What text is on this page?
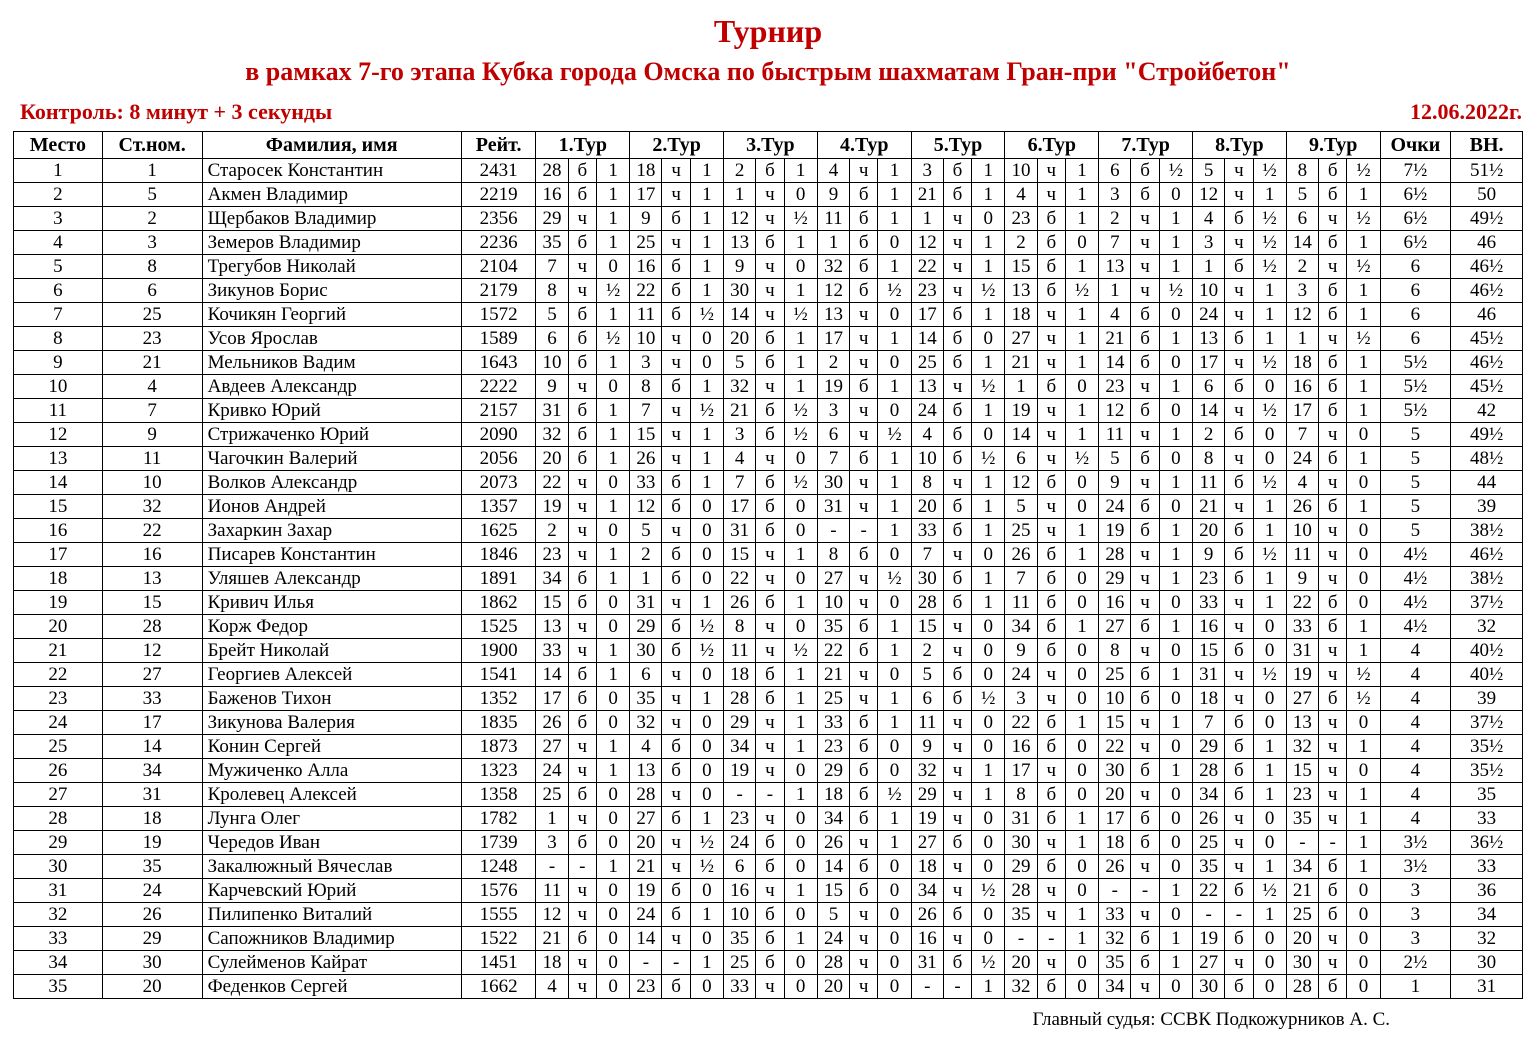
Турнир
в рамках 7-го этапа Кубка города Омска по быстрым шахматам Гран-при "Стройбетон"
Контроль: 8 минут + 3 секунды	12.06.2022г.
Место	Ст.ном.	Фамилия, имя	Рейт.	1.Тур			2.Тур			3.Тур			4.Тур			5.Тур			6.Тур			7.Тур			8.Тур			9.Тур			Очки	ВН.
1	1	Старосек Константин	2431	28	б	1	18	ч	1	2	б	1	4	ч	1	3	б	1	10	ч	1	6	б	½	5	ч	½	8	б	½	7½	51½
2	5	Акмен Владимир	2219	16	б	1	17	ч	1	1	ч	0	9	б	1	21	б	1	4	ч	1	3	б	0	12	ч	1	5	б	1	6½	50
3	2	Щербаков Владимир	2356	29	ч	1	9	б	1	12	ч	½	11	б	1	1	ч	0	23	б	1	2	ч	1	4	б	½	6	ч	½	6½	49½
4	3	Земеров Владимир	2236	35	б	1	25	ч	1	13	б	1	1	б	0	12	ч	1	2	б	0	7	ч	1	3	ч	½	14	б	1	6½	46
5	8	Трегубов Николай	2104	7	ч	0	16	б	1	9	ч	0	32	б	1	22	ч	1	15	б	1	13	ч	1	1	б	½	2	ч	½	6	46½
6	6	Зикунов Борис	2179	8	ч	½	22	б	1	30	ч	1	12	б	½	23	ч	½	13	б	½	1	ч	½	10	ч	1	3	б	1	6	46½
7	25	Кочикян Георгий	1572	5	б	1	11	б	½	14	ч	½	13	ч	0	17	б	1	18	ч	1	4	б	0	24	ч	1	12	б	1	6	46
8	23	Усов Ярослав	1589	6	б	½	10	ч	0	20	б	1	17	ч	1	14	б	0	27	ч	1	21	б	1	13	б	1	1	ч	½	6	45½
9	21	Мельников Вадим	1643	10	б	1	3	ч	0	5	б	1	2	ч	0	25	б	1	21	ч	1	14	б	0	17	ч	½	18	б	1	5½	46½
10	4	Авдеев Александр	2222	9	ч	0	8	б	1	32	ч	1	19	б	1	13	ч	½	1	б	0	23	ч	1	6	б	0	16	б	1	5½	45½
11	7	Кривко Юрий	2157	31	б	1	7	ч	½	21	б	½	3	ч	0	24	б	1	19	ч	1	12	б	0	14	ч	½	17	б	1	5½	42
12	9	Стрижаченко Юрий	2090	32	б	1	15	ч	1	3	б	½	6	ч	½	4	б	0	14	ч	1	11	ч	1	2	б	0	7	ч	0	5	49½
13	11	Чагочкин Валерий	2056	20	б	1	26	ч	1	4	ч	0	7	б	1	10	б	½	6	ч	½	5	б	0	8	ч	0	24	б	1	5	48½
14	10	Волков Александр	2073	22	ч	0	33	б	1	7	б	½	30	ч	1	8	ч	1	12	б	0	9	ч	1	11	б	½	4	ч	0	5	44
15	32	Ионов Андрей	1357	19	ч	1	12	б	0	17	б	0	31	ч	1	20	б	1	5	ч	0	24	б	0	21	ч	1	26	б	1	5	39
16	22	Захаркин Захар	1625	2	ч	0	5	ч	0	31	б	0	-	-	1	33	б	1	25	ч	1	19	б	1	20	б	1	10	ч	0	5	38½
17	16	Писарев Константин	1846	23	ч	1	2	б	0	15	ч	1	8	б	0	7	ч	0	26	б	1	28	ч	1	9	б	½	11	ч	0	4½	46½
18	13	Уляшев Александр	1891	34	б	1	1	б	0	22	ч	0	27	ч	½	30	б	1	7	б	0	29	ч	1	23	б	1	9	ч	0	4½	38½
19	15	Кривич Илья	1862	15	б	0	31	ч	1	26	б	1	10	ч	0	28	б	1	11	б	0	16	ч	0	33	ч	1	22	б	0	4½	37½
20	28	Корж Федор	1525	13	ч	0	29	б	½	8	ч	0	35	б	1	15	ч	0	34	б	1	27	б	1	16	ч	0	33	б	1	4½	32
21	12	Брейт Николай	1900	33	ч	1	30	б	½	11	ч	½	22	б	1	2	ч	0	9	б	0	8	ч	0	15	б	0	31	ч	1	4	40½
22	27	Георгиев Алексей	1541	14	б	1	6	ч	0	18	б	1	21	ч	0	5	б	0	24	ч	0	25	б	1	31	ч	½	19	ч	½	4	40½
23	33	Баженов Тихон	1352	17	б	0	35	ч	1	28	б	1	25	ч	1	6	б	½	3	ч	0	10	б	0	18	ч	0	27	б	½	4	39
24	17	Зикунова Валерия	1835	26	б	0	32	ч	0	29	ч	1	33	б	1	11	ч	0	22	б	1	15	ч	1	7	б	0	13	ч	0	4	37½
25	14	Конин Сергей	1873	27	ч	1	4	б	0	34	ч	1	23	б	0	9	ч	0	16	б	0	22	ч	0	29	б	1	32	ч	1	4	35½
26	34	Мужиченко Алла	1323	24	ч	1	13	б	0	19	ч	0	29	б	0	32	ч	1	17	ч	0	30	б	1	28	б	1	15	ч	0	4	35½
27	31	Кролевец Алексей	1358	25	б	0	28	ч	0	-	-	1	18	б	½	29	ч	1	8	б	0	20	ч	0	34	б	1	23	ч	1	4	35
28	18	Лунга Олег	1782	1	ч	0	27	б	1	23	ч	0	34	б	1	19	ч	0	31	б	1	17	б	0	26	ч	0	35	ч	1	4	33
29	19	Чередов Иван	1739	3	б	0	20	ч	½	24	б	0	26	ч	1	27	б	0	30	ч	1	18	б	0	25	ч	0	-	-	1	3½	36½
30	35	Закалюжный Вячеслав	1248	-	-	1	21	ч	½	6	б	0	14	б	0	18	ч	0	29	б	0	26	ч	0	35	ч	1	34	б	1	3½	33
31	24	Карчевский Юрий	1576	11	ч	0	19	б	0	16	ч	1	15	б	0	34	ч	½	28	ч	0	-	-	1	22	б	½	21	б	0	3	36
32	26	Пилипенко Виталий	1555	12	ч	0	24	б	1	10	б	0	5	ч	0	26	б	0	35	ч	1	33	ч	0	-	-	1	25	б	0	3	34
33	29	Сапожников Владимир	1522	21	б	0	14	ч	0	35	б	1	24	ч	0	16	ч	0	-	-	1	32	б	1	19	б	0	20	ч	0	3	32
34	30	Сулейменов Кайрат	1451	18	ч	0	-	-	1	25	б	0	28	ч	0	31	б	½	20	ч	0	35	б	1	27	ч	0	30	ч	0	2½	30
35	20	Феденков Сергей	1662	4	ч	0	23	б	0	33	ч	0	20	ч	0	-	-	1	32	б	0	34	ч	0	30	б	0	28	б	0	1	31
Главный судья: ССВК Подкожурников А. С.
